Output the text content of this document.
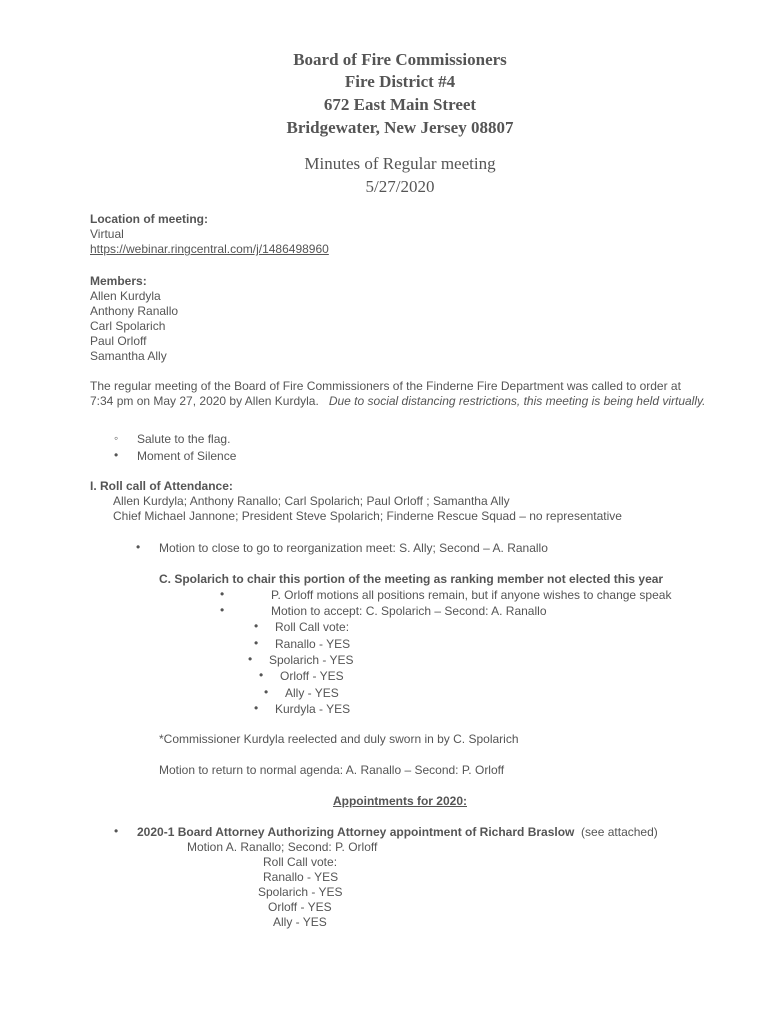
Board of Fire Commissioners
Fire District #4
672 East Main Street
Bridgewater, New Jersey 08807
Minutes of Regular meeting
5/27/2020
Location of meeting:
Virtual
https://webinar.ringcentral.com/j/1486498960
Members:
Allen Kurdyla
Anthony Ranallo
Carl Spolarich
Paul Orloff
Samantha Ally
The regular meeting of the Board of Fire Commissioners of the Finderne Fire Department was called to order at
7:34 pm on May 27, 2020 by Allen Kurdyla. Due to social distancing restrictions, this meeting is being held virtually.
◦ Salute to the flag.
• Moment of Silence
I. Roll call of Attendance:
Allen Kurdyla; Anthony Ranallo; Carl Spolarich; Paul Orloff ; Samantha Ally
Chief Michael Jannone; President Steve Spolarich; Finderne Rescue Squad – no representative
• Motion to close to go to reorganization meet: S. Ally; Second – A. Ranallo
C. Spolarich to chair this portion of the meeting as ranking member not elected this year
•	P. Orloff motions all positions remain, but if anyone wishes to change speak
•	Motion to accept: C. Spolarich – Second: A. Ranallo
• Roll Call vote:
• Ranallo - YES
• Spolarich - YES
• Orloff - YES
• Ally - YES
• Kurdyla - YES
*Commissioner Kurdyla reelected and duly sworn in by C. Spolarich
Motion to return to normal agenda: A. Ranallo – Second: P. Orloff
Appointments for 2020:
• 2020-1 Board Attorney Authorizing Attorney appointment of Richard Braslow (see attached)
Motion A. Ranallo; Second: P. Orloff
Roll Call vote:
Ranallo - YES
Spolarich - YES
Orloff - YES
Ally - YES
